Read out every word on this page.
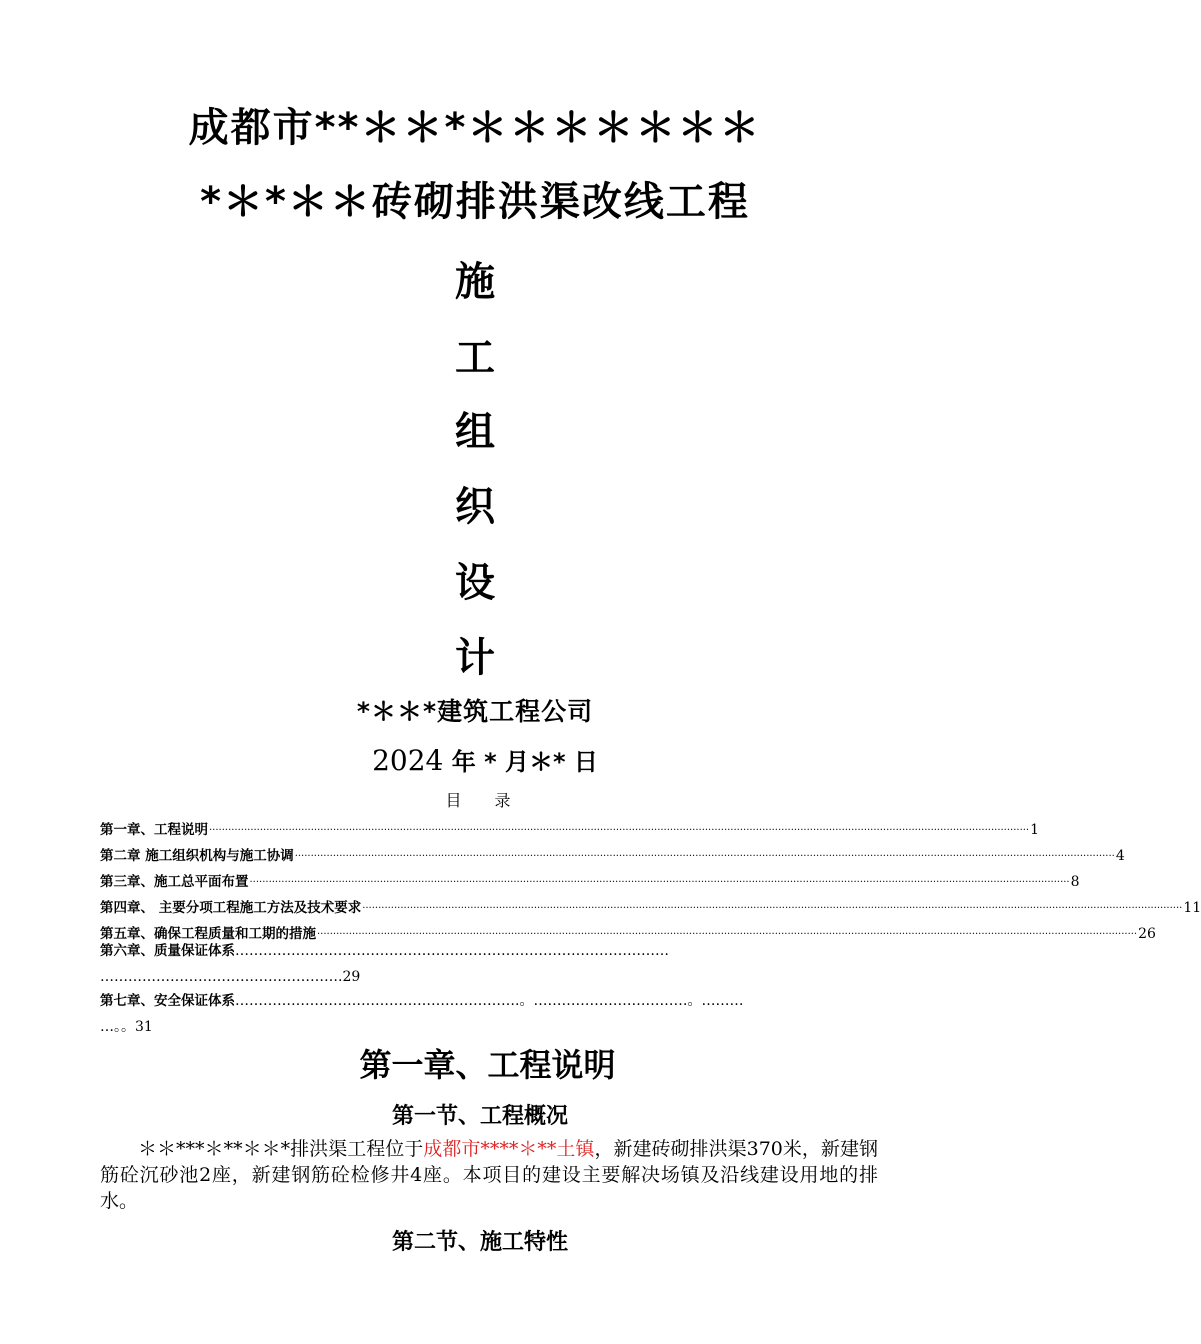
成都市**＊＊*＊＊＊＊＊＊＊
*＊*＊＊砖砌排洪渠改线工程
施
工
组
织
设
计
*＊＊*建筑工程公司
2024 年 * 月＊* 日
目 录
第一章、工程说明 .................................................................................................................................................................................................................................................................. 1
第二章 施工组织机构与施工协调 .................................................................................................................................................................................................................................................................. 4
第三章、施工总平面布置 .................................................................................................................................................................................................................................................................. 8
第四章、 主要分项工程施工方法及技术要求 .................................................................................................................................................................................................................................................................. 11
第五章、确保工程质量和工期的措施 .................................................................................................................................................................................................................................................................. 26
第六章、质量保证体系…………………………………………………………………………………
…………………………………………….29
第七章、安全保证体系…………………………………………………….。……………………………。………
…。。31
第一章、工程说明
第一节、工程概况
＊＊***＊**＊＊*排洪渠工程位于成都市****＊**土镇，新建砖砌排洪渠370米，新建钢筋砼沉砂池2座，新建钢筋砼检修井4座。本项目的建设主要解决场镇及沿线建设用地的排水。
第二节、施工特性
